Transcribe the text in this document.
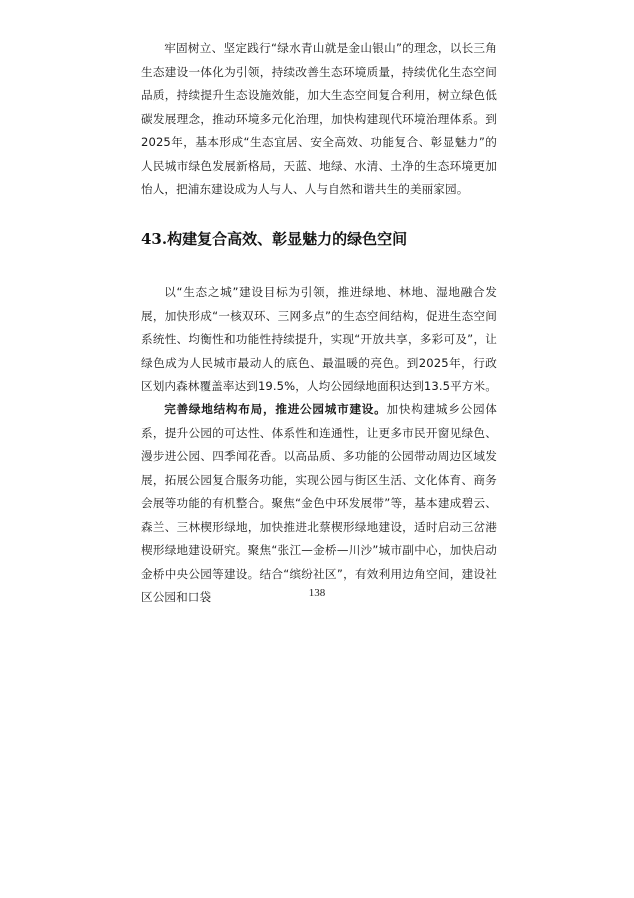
牢固树立、坚定践行“绿水青山就是金山银山”的理念，以长三角生态建设一体化为引领，持续改善生态环境质量，持续优化生态空间品质，持续提升生态设施效能，加大生态空间复合利用，树立绿色低碳发展理念，推动环境多元化治理，加快构建现代环境治理体系。到2025年，基本形成“生态宜居、安全高效、功能复合、彰显魅力”的人民城市绿色发展新格局，天蓝、地绿、水清、土净的生态环境更加怡人，把浦东建设成为人与人、人与自然和谐共生的美丽家园。

43.构建复合高效、彰显魅力的绿色空间

以“生态之城”建设目标为引领，推进绿地、林地、湿地融合发展，加快形成“一核双环、三网多点”的生态空间结构，促进生态空间系统性、均衡性和功能性持续提升，实现“开放共享，多彩可及”，让绿色成为人民城市最动人的底色、最温暖的亮色。到2025年，行政区划内森林覆盖率达到19.5%，人均公园绿地面积达到13.5平方米。

完善绿地结构布局，推进公园城市建设。加快构建城乡公园体系，提升公园的可达性、体系性和连通性，让更多市民开窗见绿色、漫步进公园、四季闻花香。以高品质、多功能的公园带动周边区域发展，拓展公园复合服务功能，实现公园与街区生活、文化体育、商务会展等功能的有机整合。聚焦“金色中环发展带”等，基本建成碧云、森兰、三林楔形绿地，加快推进北蔡楔形绿地建设，适时启动三岔港楔形绿地建设研究。聚焦“张江—金桥—川沙”城市副中心，加快启动金桥中央公园等建设。结合“缤纷社区”，有效利用边角空间，建设社区公园和口袋	138
